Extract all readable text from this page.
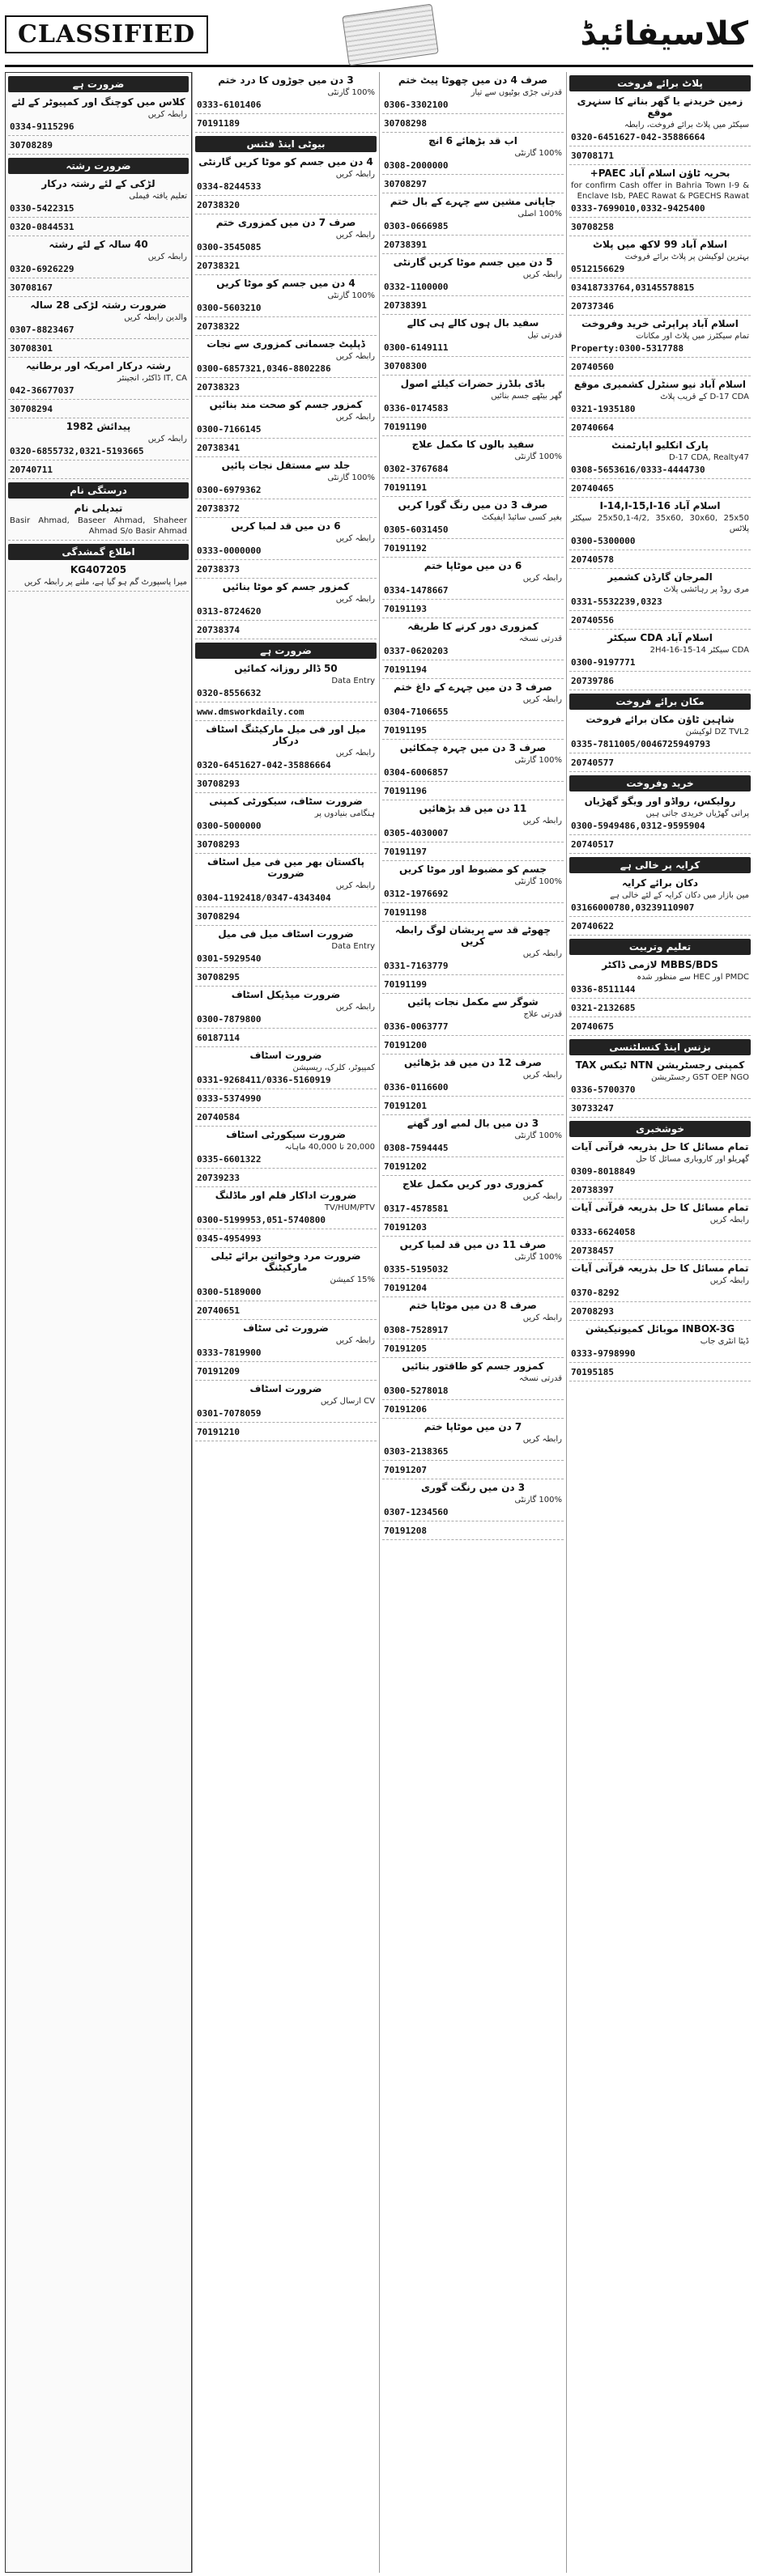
CLASSIFIED	کلاسیفائیڈ
پلاٹ برائے فروخت
زمین خریدنے یا گھر بنانے کا سنہری موقع
سیکٹر میں پلاٹ برائے فروخت، رابطہ
0320-6451627-042-35886664
30708171
بحریہ ٹاؤن اسلام آباد PAEC+
for confirm Cash offer in Bahria Town I-9 & Enclave Isb, PAEC Rawat & PGECHS Rawat
0333-7699010,0332-9425400
30708258
اسلام آباد 99 لاکھ میں پلاٹ
بہترین لوکیشن پر پلاٹ برائے فروخت
0512156629
03418733764,03145578815
20737346
اسلام آباد پراپرٹی خرید وفروخت
تمام سیکٹرز میں پلاٹ اور مکانات
Property:0300-5317788
20740560
اسلام آباد نیو سنٹرل کشمیری موقع
D-17 CDA کے قریب پلاٹ
0321-1935180
20740664
پارک انکلیو اپارٹمنٹ
D-17 CDA, Realty47
0308-5653616/0333-4444730
20740465
اسلام آباد I-14,I-15,I-16
25x50,1-4/2, 35x60, 30x60, 25x50 سیکٹر پلاٹس
0300-5300000
20740578
المرجان گارڈن کشمیر
مری روڈ پر رہائشی پلاٹ
0331-5532239,0323
20740556
اسلام آباد CDA سیکٹر
CDA سیکٹر 2H4-16-15-14
0300-9197771
20739786
مکان برائے فروخت
شاہین ٹاؤن مکان برائے فروخت
DZ TVL2 لوکیشن
0335-7811005/0046725949793
20740577
خرید وفروخت
رولیکس، رواڈو اور ویگو گھڑیاں
پرانی گھڑیاں خریدی جاتی ہیں
0300-5949486,0312-9595904
20740517
کرایہ پر خالی ہے
دکان برائے کرایہ
مین بازار میں دکان کرایہ کے لئے خالی ہے
03166000780,03239110907
20740622
تعلیم وتربیت
MBBS/BDS لازمی ڈاکٹر
PMDC اور HEC سے منظور شدہ
0336-8511144
0321-2132685
20740675
بزنس اینڈ کنسلٹنسی
کمپنی رجسٹریشن NTN ٹیکس TAX
GST OEP NGO رجسٹریشن
0336-5700370
30733247
خوشخبری
تمام مسائل کا حل بذریعہ قرآنی آیات
گھریلو اور کاروباری مسائل کا حل
0309-8018849
20738397
تمام مسائل کا حل بذریعہ قرآنی آیات
رابطہ کریں
0333-6624058
20738457
تمام مسائل کا حل بذریعہ قرآنی آیات
رابطہ کریں
0370-8292
20708293
INBOX-3G موبائل کمیونیکیشن
ڈیٹا انٹری جاب
0333-9798990
70195185
صرف 4 دن میں چھوٹا پیٹ ختم
قدرتی جڑی بوٹیوں سے تیار
0306-3302100
30708298
اب قد بڑھائے 6 انچ
100% گارنٹی
0308-2000000
30708297
جاپانی مشین سے چہرے کے بال ختم
100% اصلی
0303-0666985
20738391
5 دن میں جسم موٹا کریں گارنٹی
رابطہ کریں
0332-1100000
20738391
سفید بال ہوں کالے ہی کالے
قدرتی تیل
0300-6149111
30708300
باڈی بلڈرز حضرات کیلئے اصول
گھر بیٹھے جسم بنائیں
0336-0174583
70191190
سفید بالوں کا مکمل علاج
100% گارنٹی
0302-3767684
70191191
صرف 3 دن میں رنگ گورا کریں
بغیر کسی سائیڈ ایفیکٹ
0305-6031450
70191192
6 دن میں موٹاپا ختم
رابطہ کریں
0334-1478667
70191193
کمزوری دور کرنے کا طریقہ
قدرتی نسخہ
0337-0620203
70191194
صرف 3 دن میں چہرے کے داغ ختم
رابطہ کریں
0304-7106655
70191195
صرف 3 دن میں چہرہ چمکائیں
100% گارنٹی
0304-6006857
70191196
11 دن میں قد بڑھائیں
رابطہ کریں
0305-4030007
70191197
جسم کو مضبوط اور موٹا کریں
100% گارنٹی
0312-1976692
70191198
چھوٹے قد سے پریشان لوگ رابطہ کریں
رابطہ کریں
0331-7163779
70191199
شوگر سے مکمل نجات پائیں
قدرتی علاج
0336-0063777
70191200
صرف 12 دن میں قد بڑھائیں
رابطہ کریں
0336-0116600
70191201
3 دن میں بال لمبے اور گھنے
100% گارنٹی
0308-7594445
70191202
کمزوری دور کریں مکمل علاج
رابطہ کریں
0317-4578581
70191203
صرف 11 دن میں قد لمبا کریں
100% گارنٹی
0335-5195032
70191204
صرف 8 دن میں موٹاپا ختم
رابطہ کریں
0308-7528917
70191205
کمزور جسم کو طاقتور بنائیں
قدرتی نسخہ
0300-5278018
70191206
7 دن میں موٹاپا ختم
رابطہ کریں
0303-2138365
70191207
3 دن میں رنگت گوری
100% گارنٹی
0307-1234560
70191208
3 دن میں جوڑوں کا درد ختم
100% گارنٹی
0333-6101406
70191189
بیوٹی اینڈ فٹنس
4 دن میں جسم کو موٹا کریں گارنٹی
رابطہ کریں
0334-8244533
20738320
صرف 7 دن میں کمزوری ختم
رابطہ کریں
0300-3545085
20738321
4 دن میں جسم کو موٹا کریں
100% گارنٹی
0300-5603210
20738322
ڈپلپٹ جسمانی کمزوری سے نجات
رابطہ کریں
0300-6857321,0346-8802286
20738323
کمزور جسم کو صحت مند بنائیں
رابطہ کریں
0300-7166145
20738341
جلد سے مستقل نجات پائیں
100% گارنٹی
0300-6979362
20738372
6 دن میں قد لمبا کریں
رابطہ کریں
0333-0000000
20738373
کمزور جسم کو موٹا بنائیں
رابطہ کریں
0313-8724620
20738374
ضرورت ہے
50 ڈالر روزانہ کمائیں
Data Entry
0320-8556632
www.dmsworkdaily.com
میل اور فی میل مارکیٹنگ اسٹاف درکار
رابطہ کریں
0320-6451627-042-35886664
30708293
ضرورت سٹاف، سیکورٹی کمپنی
ہنگامی بنیادوں پر
0300-5000000
30708293
پاکستان بھر میں فی میل اسٹاف ضرورت
رابطہ کریں
0304-1192418/0347-4343404
30708294
ضرورت اسٹاف میل فی میل
Data Entry
0301-5929540
30708295
ضرورت میڈیکل اسٹاف
رابطہ کریں
0300-7879800
60187114
ضرورت اسٹاف
کمپیوٹر، کلرک، ریسپشن
0331-9268411/0336-5160919
0333-5374990
20740584
ضرورت سیکورٹی اسٹاف
20,000 تا 40,000 ماہانہ
0335-6601322
20739233
ضرورت اداکار فلم اور ماڈلنگ
TV/HUM/PTV
0300-5199953,051-5740800
0345-4954993
ضرورت مرد وخواتین برائے ٹیلی مارکیٹنگ
15% کمیشن
0300-5189000
20740651
ضرورت ٹی سٹاف
رابطہ کریں
0333-7819900
70191209
ضرورت اسٹاف
CV ارسال کریں
0301-7078059
70191210
ضرورت ہے
کلاس میں کوچنگ اور کمپیوٹر کے لئے
رابطہ کریں
0334-9115296
30708289
ضرورت رشتہ
لڑکی کے لئے رشتہ درکار
تعلیم یافتہ فیملی
0330-5422315
0320-0844531
40 سالہ کے لئے رشتہ
رابطہ کریں
0320-6926229
30708167
ضرورت رشتہ لڑکی 28 سالہ
والدین رابطہ کریں
0307-8823467
30708301
رشتہ درکار امریکہ اور برطانیہ
IT, CA ڈاکٹر، انجینئر
042-36677037
30708294
پیدائش 1982
رابطہ کریں
0320-6855732,0321-5193665
20740711
درستگی نام
تبدیلی نام
Basir Ahmad, Baseer Ahmad, Shaheer Ahmad S/o Basir Ahmad
اطلاع گمشدگی
KG407205
میرا پاسپورٹ گم ہو گیا ہے، ملنے پر رابطہ کریں
